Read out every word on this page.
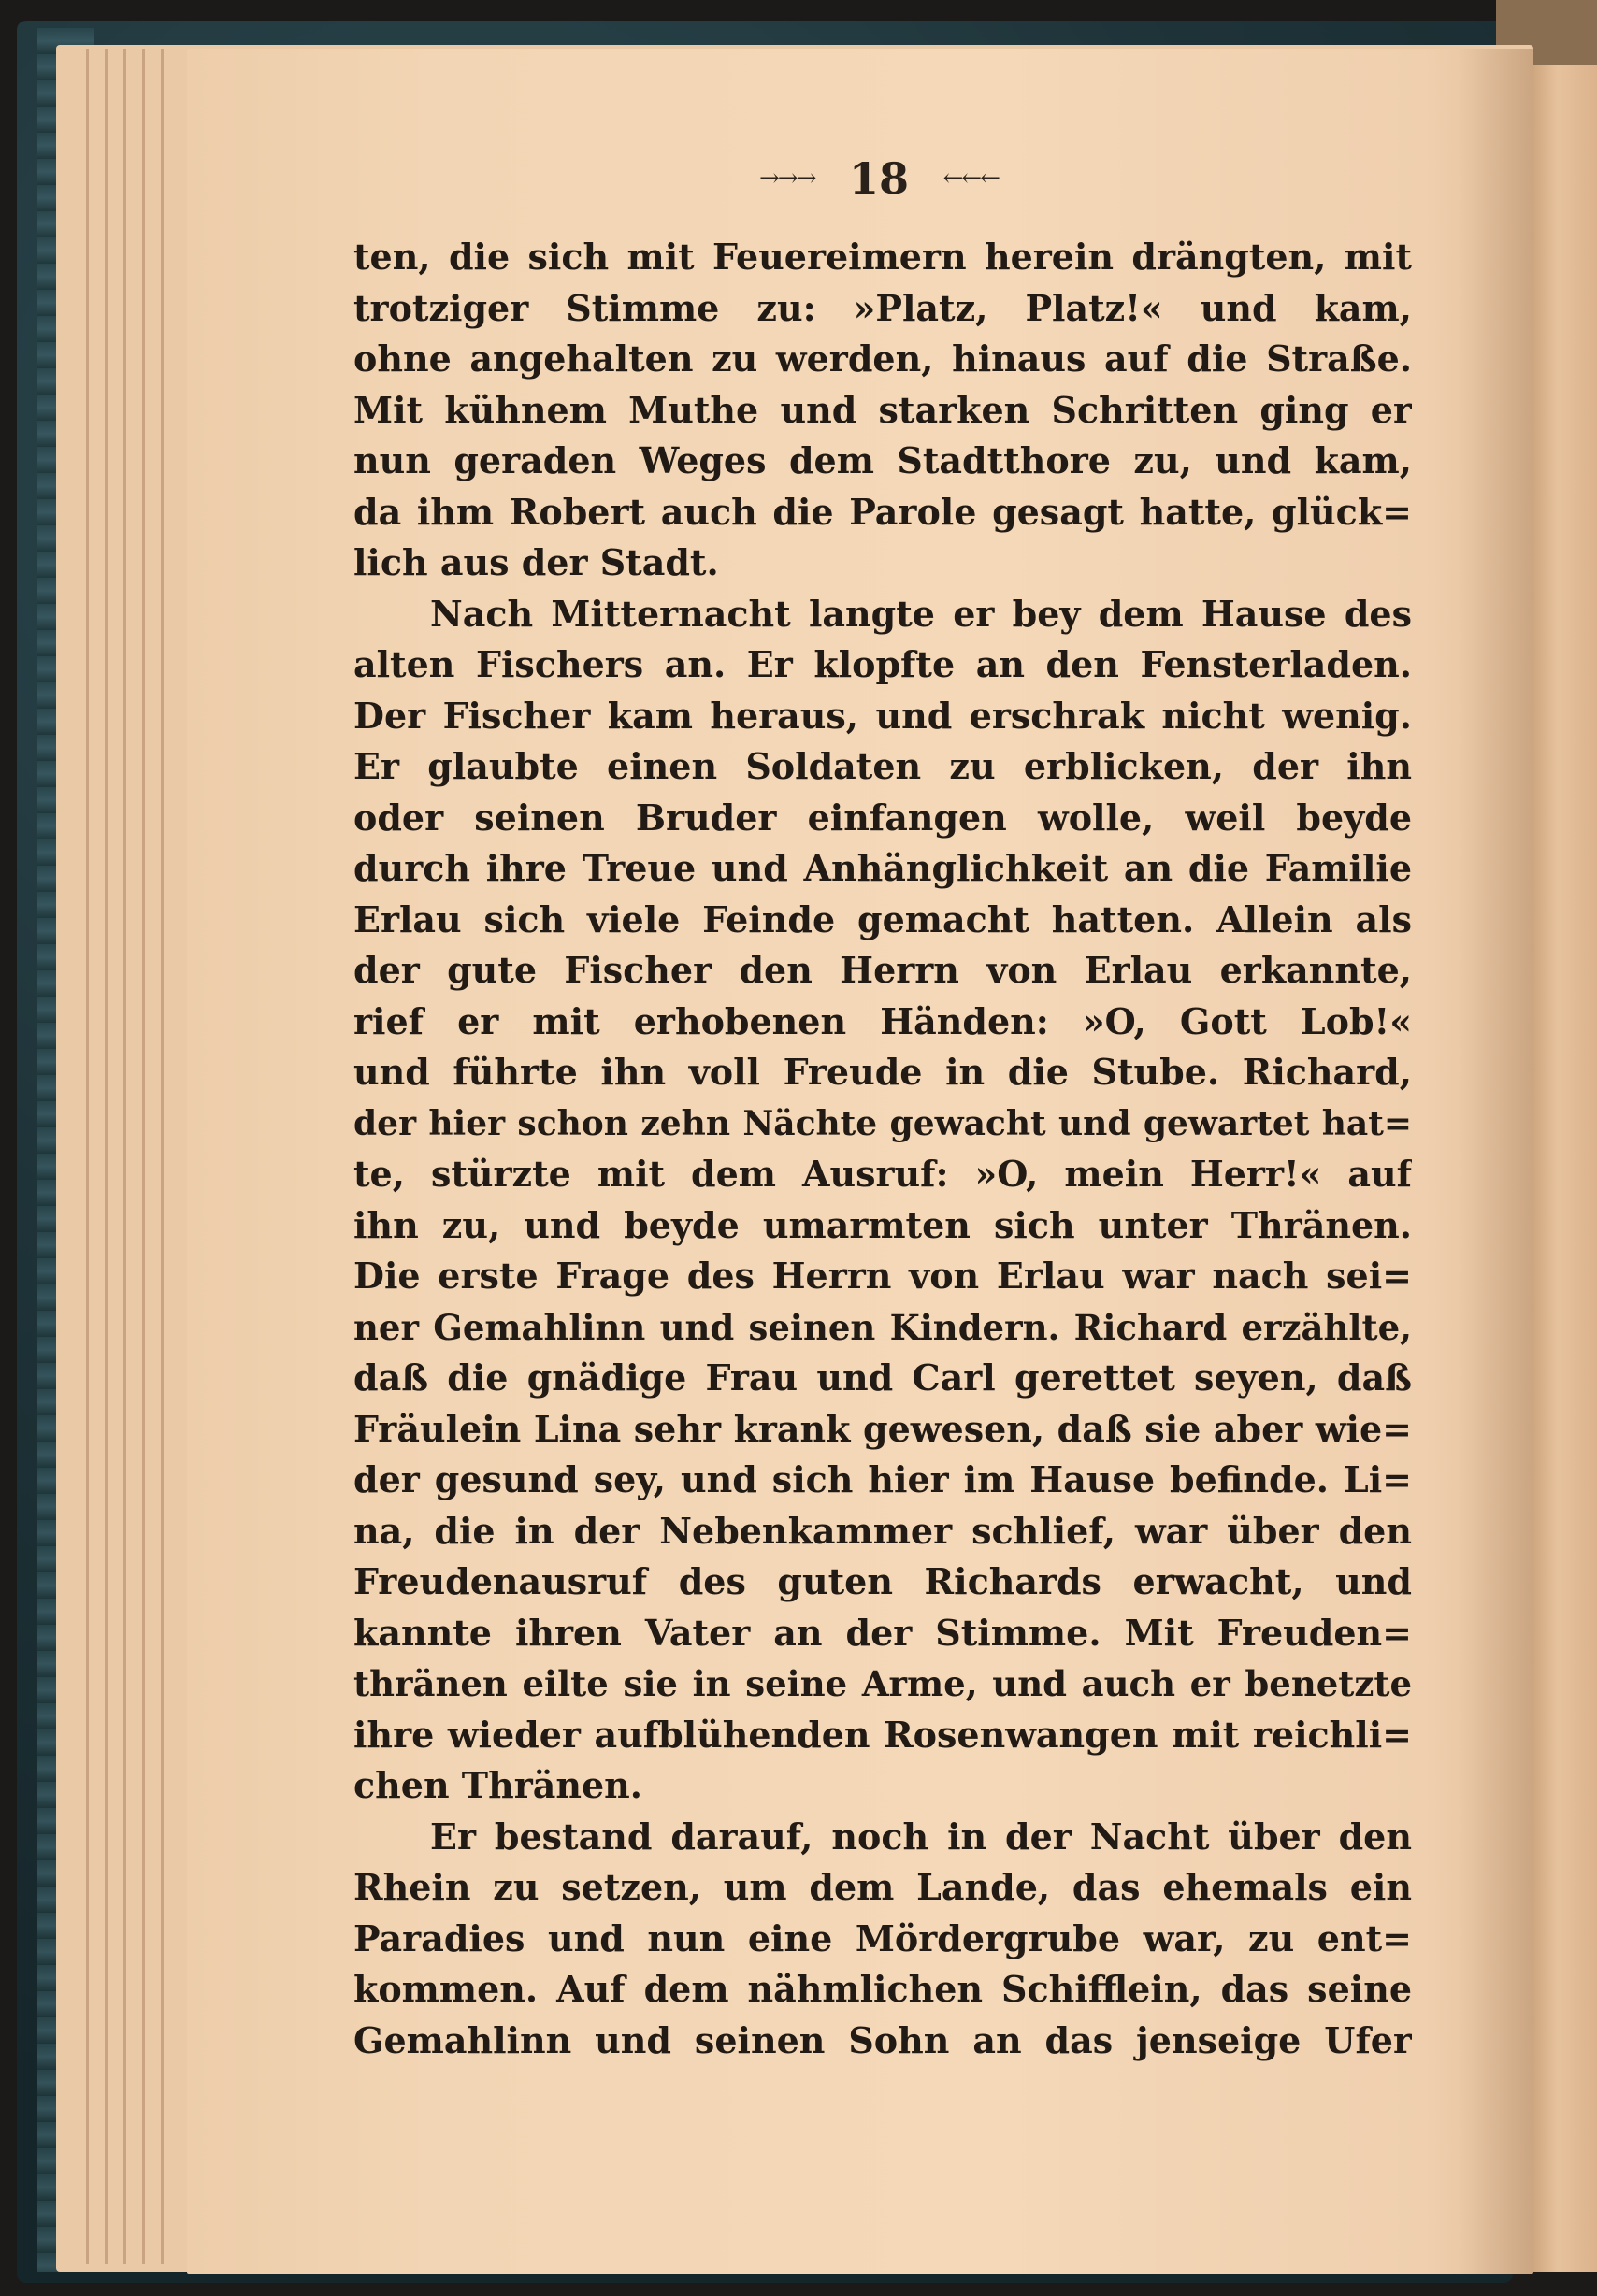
→→→ 18 ←←←
ten, die sich mit Feuereimern herein drängten, mit
trotziger Stimme zu: »Platz, Platz!« und kam,
ohne angehalten zu werden, hinaus auf die Straße.
Mit kühnem Muthe und starken Schritten ging er
nun geraden Weges dem Stadtthore zu, und kam,
da ihm Robert auch die Parole gesagt hatte, glück=
lich aus der Stadt.
Nach Mitternacht langte er bey dem Hause des
alten Fischers an. Er klopfte an den Fensterladen.
Der Fischer kam heraus, und erschrak nicht wenig.
Er glaubte einen Soldaten zu erblicken, der ihn
oder seinen Bruder einfangen wolle, weil beyde
durch ihre Treue und Anhänglichkeit an die Familie
Erlau sich viele Feinde gemacht hatten. Allein als
der gute Fischer den Herrn von Erlau erkannte,
rief er mit erhobenen Händen: »O, Gott Lob!«
und führte ihn voll Freude in die Stube. Richard,
der hier schon zehn Nächte gewacht und gewartet hat=
te, stürzte mit dem Ausruf: »O, mein Herr!« auf
ihn zu, und beyde umarmten sich unter Thränen.
Die erste Frage des Herrn von Erlau war nach sei=
ner Gemahlinn und seinen Kindern. Richard erzählte,
daß die gnädige Frau und Carl gerettet seyen, daß
Fräulein Lina sehr krank gewesen, daß sie aber wie=
der gesund sey, und sich hier im Hause befinde. Li=
na, die in der Nebenkammer schlief, war über den
Freudenausruf des guten Richards erwacht, und
kannte ihren Vater an der Stimme. Mit Freuden=
thränen eilte sie in seine Arme, und auch er benetzte
ihre wieder aufblühenden Rosenwangen mit reichli=
chen Thränen.
Er bestand darauf, noch in der Nacht über den
Rhein zu setzen, um dem Lande, das ehemals ein
Paradies und nun eine Mördergrube war, zu ent=
kommen. Auf dem nähmlichen Schifflein, das seine
Gemahlinn und seinen Sohn an das jenseige Ufer
